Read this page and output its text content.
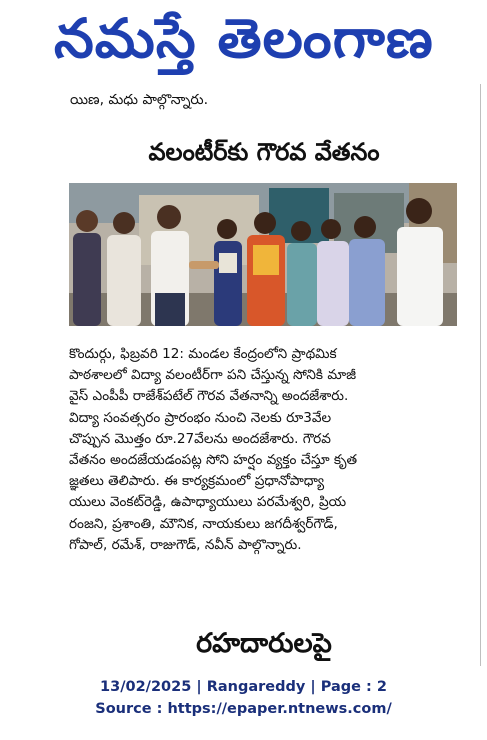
నమస్తే తెలంగాణ
యిణ, మధు పాల్గొన్నారు.
వలంటీర్‌కు గౌరవ వేతనం
కొందుర్గు, ఫిబ్రవరి 12: మండల కేంద్రంలోని ప్రాథమిక
పాఠశాలలో విద్యా వలంటీర్‌గా పని చేస్తున్న సోనికి మాజీ
వైస్ ఎంపీపీ రాజేశ్‌పటేల్ గౌరవ వేతనాన్ని అందజేశారు.
విద్యా సంవత్సరం ప్రారంభం నుంచి నెలకు రూ3వేల
చొప్పున మొత్తం రూ.27వేలను అందజేశారు. గౌరవ
వేతనం అందజేయడంపట్ల సోని హర్షం వ్యక్తం చేస్తూ కృత
జ్ఞతలు తెలిపారు. ఈ కార్యక్రమంలో ప్రధానోపాధ్యా
యులు వెంకట్‌రెడ్డి, ఉపాధ్యాయులు పరమేశ్వరి, ప్రియ
రంజని, ప్రశాంతి, మౌనిక, నాయకులు జగదీశ్వర్‌గౌడ్,
గోపాల్, రమేశ్, రాజుగౌడ్, నవీన్ పాల్గొన్నారు.
రహదారులపై
13/02/2025 | Rangareddy | Page : 2
Source : https://epaper.ntnews.com/
